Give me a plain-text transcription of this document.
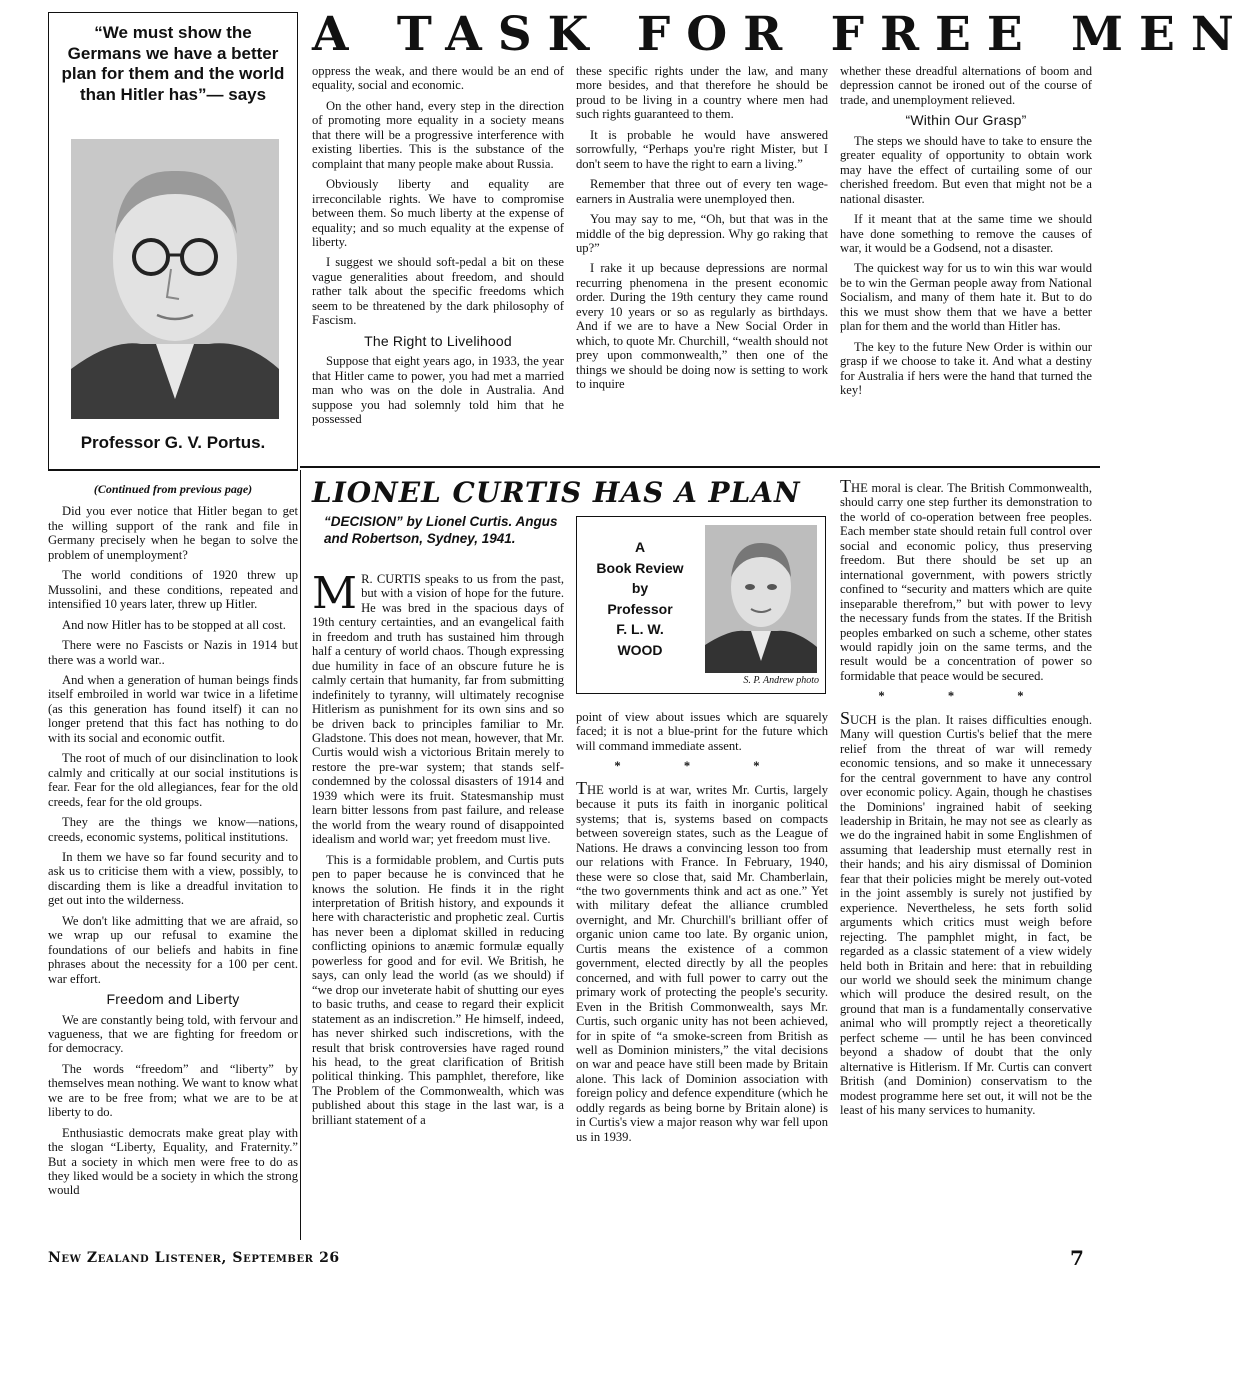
“We must show the Germans we have a better plan for them and the world than Hitler has”— says
Professor G. V. Portus.
A TASK FOR FREE MEN

oppress the weak, and there would be an end of equality, social and economic.

On the other hand, every step in the direction of promoting more equality in a society means that there will be a progressive interference with existing liberties. This is the substance of the complaint that many people make about Russia.

Obviously liberty and equality are irreconcilable rights. We have to compromise between them. So much liberty at the expense of equality; and so much equality at the expense of liberty.

I suggest we should soft-pedal a bit on these vague generalities about freedom, and should rather talk about the specific freedoms which seem to be threatened by the dark philosophy of Fascism.

The Right to Livelihood

Suppose that eight years ago, in 1933, the year that Hitler came to power, you had met a married man who was on the dole in Australia. And suppose you had solemnly told him that he possessed

these specific rights under the law, and many more besides, and that therefore he should be proud to be living in a country where men had such rights guaranteed to them.

It is probable he would have answered sorrowfully, “Perhaps you're right Mister, but I don't seem to have the right to earn a living.”

Remember that three out of every ten wage-earners in Australia were unemployed then.

You may say to me, “Oh, but that was in the middle of the big depression. Why go raking that up?”

I rake it up because depressions are normal recurring phenomena in the present economic order. During the 19th century they came round every 10 years or so as regularly as birthdays. And if we are to have a New Social Order in which, to quote Mr. Churchill, “wealth should not prey upon commonwealth,” then one of the things we should be doing now is setting to work to inquire

whether these dreadful alternations of boom and depression cannot be ironed out of the course of trade, and unemployment relieved.

“Within Our Grasp”

The steps we should have to take to ensure the greater equality of opportunity to obtain work may have the effect of curtailing some of our cherished freedom. But even that might not be a national disaster.

If it meant that at the same time we should have done something to remove the causes of war, it would be a Godsend, not a disaster.

The quickest way for us to win this war would be to win the German people away from National Socialism, and many of them hate it. But to do this we must show them that we have a better plan for them and the world than Hitler has.

The key to the future New Order is within our grasp if we choose to take it. And what a destiny for Australia if hers were the hand that turned the key!

(Continued from previous page)

Did you ever notice that Hitler began to get the willing support of the rank and file in Germany precisely when he began to solve the problem of unemployment?

The world conditions of 1920 threw up Mussolini, and these conditions, repeated and intensified 10 years later, threw up Hitler.

And now Hitler has to be stopped at all cost.

There were no Fascists or Nazis in 1914 but there was a world war..

And when a generation of human beings finds itself embroiled in world war twice in a lifetime (as this generation has found itself) it can no longer pretend that this fact has nothing to do with its social and economic outfit.

The root of much of our disinclination to look calmly and critically at our social institutions is fear. Fear for the old allegiances, fear for the old creeds, fear for the old groups.

They are the things we know—nations, creeds, economic systems, political institutions.

In them we have so far found security and to ask us to criticise them with a view, possibly, to discarding them is like a dreadful invitation to get out into the wilderness.

We don't like admitting that we are afraid, so we wrap up our refusal to examine the foundations of our beliefs and habits in fine phrases about the necessity for a 100 per cent. war effort.

Freedom and Liberty

We are constantly being told, with fervour and vagueness, that we are fighting for freedom or for democracy.

The words “freedom” and “liberty” by themselves mean nothing. We want to know what we are to be free from; what we are to be at liberty to do.

Enthusiastic democrats make great play with the slogan “Liberty, Equality, and Fraternity.” But a society in which men were free to do as they liked would be a society in which the strong would

LIONEL CURTIS HAS A PLAN
“DECISION” by Lionel Curtis. Angus and Robertson, Sydney, 1941.
A
Book Review
by
Professor
F. L. W.
WOOD
S. P. Andrew photo

M R. CURTIS speaks to us from the past, but with a vision of hope for the future. He was bred in the spacious days of 19th century certainties, and an evangelical faith in freedom and truth has sustained him through half a century of world chaos. Though expressing due humility in face of an obscure future he is calmly certain that humanity, far from submitting indefinitely to tyranny, will ultimately recognise Hitlerism as punishment for its own sins and so be driven back to principles familiar to Mr. Gladstone. This does not mean, however, that Mr. Curtis would wish a victorious Britain merely to restore the pre-war system; that stands self-condemned by the colossal disasters of 1914 and 1939 which were its fruit. Statesmanship must learn bitter lessons from past failure, and release the world from the weary round of disappointed idealism and world war; yet freedom must live.

This is a formidable problem, and Curtis puts pen to paper because he is convinced that he knows the solution. He finds it in the right interpretation of British history, and expounds it here with characteristic and prophetic zeal. Curtis has never been a diplomat skilled in reducing conflicting opinions to anæmic formulæ equally powerless for good and for evil. We British, he says, can only lead the world (as we should) if “we drop our inveterate habit of shutting our eyes to basic truths, and cease to regard their explicit statement as an indiscretion.” He himself, indeed, has never shirked such indiscretions, with the result that brisk controversies have raged round his head, to the great clarification of British political thinking. This pamphlet, therefore, like The Problem of the Commonwealth, which was published about this stage in the last war, is a brilliant statement of a

point of view about issues which are squarely faced; it is not a blue-print for the future which will command immediate assent.

* * *

THE world is at war, writes Mr. Curtis, largely because it puts its faith in inorganic political systems; that is, systems based on compacts between sovereign states, such as the League of Nations. He draws a convincing lesson too from our relations with France. In February, 1940, these were so close that, said Mr. Chamberlain, “the two governments think and act as one.” Yet with military defeat the alliance crumbled overnight, and Mr. Churchill's brilliant offer of organic union came too late. By organic union, Curtis means the existence of a common government, elected directly by all the peoples concerned, and with full power to carry out the primary work of protecting the people's security. Even in the British Commonwealth, says Mr. Curtis, such organic unity has not been achieved, for in spite of “a smoke-screen from British as well as Dominion ministers,” the vital decisions on war and peace have still been made by Britain alone. This lack of Dominion association with foreign policy and defence expenditure (which he oddly regards as being borne by Britain alone) is in Curtis's view a major reason why war fell upon us in 1939.

THE moral is clear. The British Commonwealth, should carry one step further its demonstration to the world of co-operation between free peoples. Each member state should retain full control over social and economic policy, thus preserving freedom. But there should be set up an international government, with powers strictly confined to “security and matters which are quite inseparable therefrom,” but with power to levy the necessary funds from the states. If the British peoples embarked on such a scheme, other states would rapidly join on the same terms, and the result would be a concentration of power so formidable that peace would be secured.

* * *

SUCH is the plan. It raises difficulties enough. Many will question Curtis's belief that the mere relief from the threat of war will remedy economic tensions, and so make it unnecessary for the central government to have any control over economic policy. Again, though he chastises the Dominions' ingrained habit of seeking leadership in Britain, he may not see as clearly as we do the ingrained habit in some Englishmen of assuming that leadership must eternally rest in their hands; and his airy dismissal of Dominion fear that their policies might be merely out-voted in the joint assembly is surely not justified by experience. Nevertheless, he sets forth solid arguments which critics must weigh before rejecting. The pamphlet might, in fact, be regarded as a classic statement of a view widely held both in Britain and here: that in rebuilding our world we should seek the minimum change which will produce the desired result, on the ground that man is a fundamentally conservative animal who will promptly reject a theoretically perfect scheme — until he has been convinced beyond a shadow of doubt that the only alternative is Hitlerism. If Mr. Curtis can convert British (and Dominion) conservatism to the modest programme here set out, it will not be the least of his many services to humanity.

New Zealand Listener, September 26	7
